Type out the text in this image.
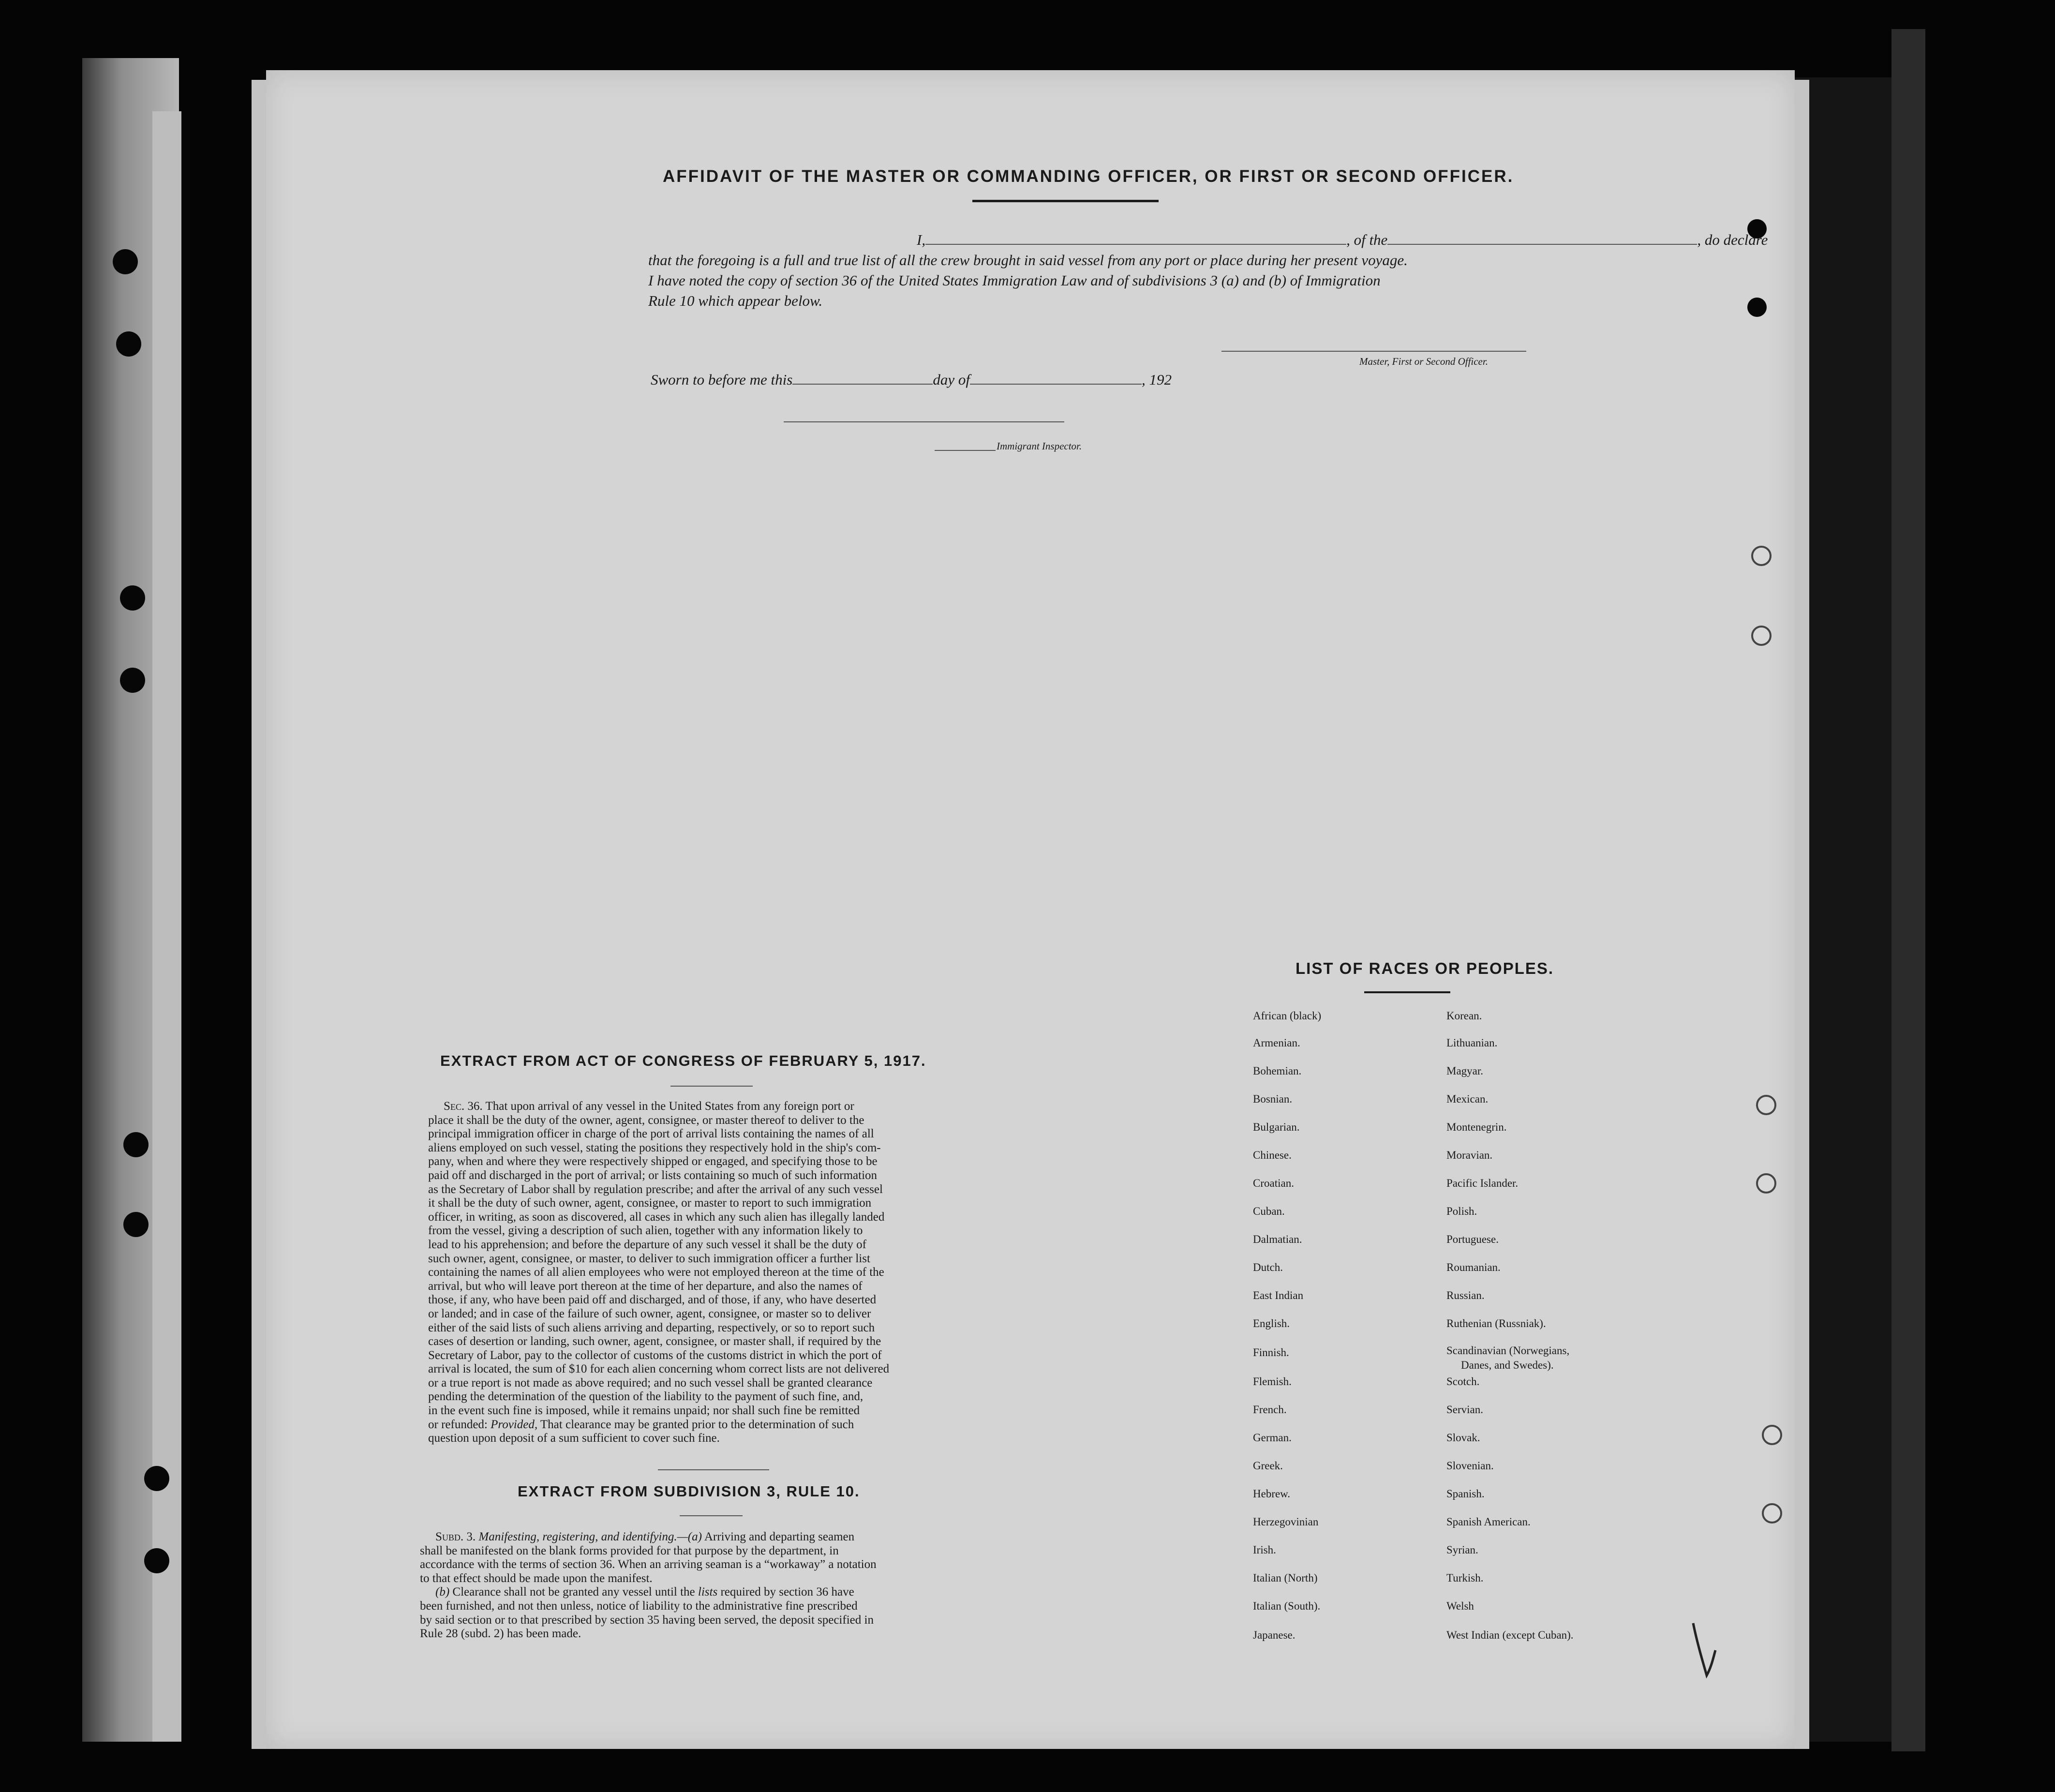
AFFIDAVIT OF THE MASTER OR COMMANDING OFFICER, OR FIRST OR SECOND OFFICER.
I,	, of the	, do declare
that the foregoing is a full and true list of all the crew brought in said vessel from any port or place during her present voyage.
I have noted the copy of section 36 of the United States Immigration Law and of subdivisions 3 (a) and (b) of Immigration
Rule 10 which appear below.
Master, First or Second Officer.
Sworn to before me this	day of	, 192
Immigrant Inspector.
EXTRACT FROM ACT OF CONGRESS OF FEBRUARY 5, 1917.
Sec. 36. That upon arrival of any vessel in the United States from any foreign port or
place it shall be the duty of the owner, agent, consignee, or master thereof to deliver to the
principal immigration officer in charge of the port of arrival lists containing the names of all
aliens employed on such vessel, stating the positions they respectively hold in the ship's com-
pany, when and where they were respectively shipped or engaged, and specifying those to be
paid off and discharged in the port of arrival; or lists containing so much of such information
as the Secretary of Labor shall by regulation prescribe; and after the arrival of any such vessel
it shall be the duty of such owner, agent, consignee, or master to report to such immigration
officer, in writing, as soon as discovered, all cases in which any such alien has illegally landed
from the vessel, giving a description of such alien, together with any information likely to
lead to his apprehension; and before the departure of any such vessel it shall be the duty of
such owner, agent, consignee, or master, to deliver to such immigration officer a further list
containing the names of all alien employees who were not employed thereon at the time of the
arrival, but who will leave port thereon at the time of her departure, and also the names of
those, if any, who have been paid off and discharged, and of those, if any, who have deserted
or landed; and in case of the failure of such owner, agent, consignee, or master so to deliver
either of the said lists of such aliens arriving and departing, respectively, or so to report such
cases of desertion or landing, such owner, agent, consignee, or master shall, if required by the
Secretary of Labor, pay to the collector of customs of the customs district in which the port of
arrival is located, the sum of $10 for each alien concerning whom correct lists are not delivered
or a true report is not made as above required; and no such vessel shall be granted clearance
pending the determination of the question of the liability to the payment of such fine, and,
in the event such fine is imposed, while it remains unpaid; nor shall such fine be remitted
or refunded: Provided, That clearance may be granted prior to the determination of such
question upon deposit of a sum sufficient to cover such fine.
EXTRACT FROM SUBDIVISION 3, RULE 10.
Subd. 3. Manifesting, registering, and identifying.—(a) Arriving and departing seamen
shall be manifested on the blank forms provided for that purpose by the department, in
accordance with the terms of section 36. When an arriving seaman is a “workaway” a notation
to that effect should be made upon the manifest.
(b) Clearance shall not be granted any vessel until the lists required by section 36 have
been furnished, and not then unless, notice of liability to the administrative fine prescribed
by said section or to that prescribed by section 35 having been served, the deposit specified in
Rule 28 (subd. 2) has been made.
LIST OF RACES OR PEOPLES.
African (black)
Armenian.
Bohemian.
Bosnian.
Bulgarian.
Chinese.
Croatian.
Cuban.
Dalmatian.
Dutch.
East Indian
English.
Finnish.
Flemish.
French.
German.
Greek.
Hebrew.
Herzegovinian
Irish.
Italian (North)
Italian (South).
Japanese.
Korean.
Lithuanian.
Magyar.
Mexican.
Montenegrin.
Moravian.
Pacific Islander.
Polish.
Portuguese.
Roumanian.
Russian.
Ruthenian (Russniak).
Scandinavian (Norwegians,
Danes, and Swedes).
Scotch.
Servian.
Slovak.
Slovenian.
Spanish.
Spanish American.
Syrian.
Turkish.
Welsh
West Indian (except Cuban).
